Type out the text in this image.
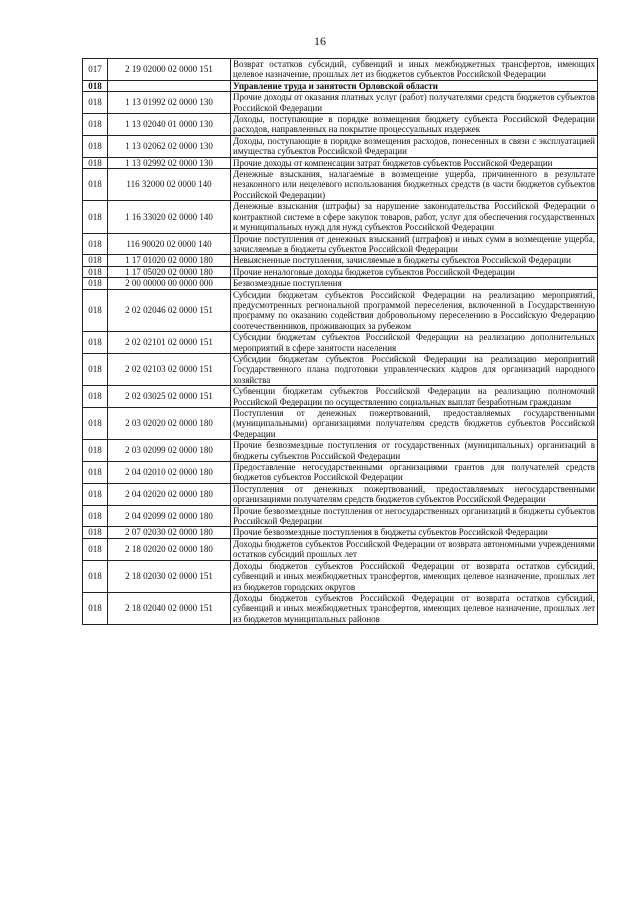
16
017	2 19 02000 02 0000 151	Возврат остатков субсидий, субвенций и иных межбюджетных трансфертов, имеющих целевое назначение, прошлых лет из бюджетов субъектов Российской Федерации
018		Управление труда и занятости Орловской области
018	1 13 01992 02 0000 130	Прочие доходы от оказания платных услуг (работ) получателями средств бюджетов субъектов Российской Федерации
018	1 13 02040 01 0000 130	Доходы, поступающие в порядке возмещения бюджету субъекта Российской Федерации расходов, направленных на покрытие процессуальных издержек
018	1 13 02062 02 0000 130	Доходы, поступающие в порядке возмещения расходов, понесенных в связи с эксплуатацией имущества субъектов Российской Федерации
018	1 13 02992 02 0000 130	Прочие доходы от компенсации затрат бюджетов субъектов Российской Федерации
018	116 32000 02 0000 140	Денежные взыскания, налагаемые в возмещение ущерба, причиненного в результате незаконного или нецелевого использования бюджетных средств (в части бюджетов субъектов Российской Федерации)
018	1 16 33020 02 0000 140	Денежные взыскания (штрафы) за нарушение законодательства Российской Федерации о контрактной системе в сфере закупок товаров, работ, услуг для обеспечения государственных и муниципальных нужд для нужд субъектов Российской Федерации
018	116 90020 02 0000 140	Прочие поступления от денежных взысканий (штрафов) и иных сумм в возмещение ущерба, зачисляемые в бюджеты субъектов Российской Федерации
018	1 17 01020 02 0000 180	Невыясненные поступления, зачисляемые в бюджеты субъектов Российской Федерации
018	1 17 05020 02 0000 180	Прочие неналоговые доходы бюджетов субъектов Российской Федерации
018	2 00 00000 00 0000 000	Безвозмездные поступления
018	2 02 02046 02 0000 151	Субсидии бюджетам субъектов Российской Федерации на реализацию мероприятий, предусмотренных региональной программой переселения, включенной в Государственную программу по оказанию содействия добровольному переселению в Российскую Федерацию соотечественников, проживающих за рубежом
018	2 02 02101 02 0000 151	Субсидии бюджетам субъектов Российской Федерации на реализацию дополнительных мероприятий в сфере занятости населения
018	2 02 02103 02 0000 151	Субсидии бюджетам субъектов Российской Федерации на реализацию мероприятий Государственного плана подготовки управленческих кадров для организаций народного хозяйства
018	2 02 03025 02 0000 151	Субвенции бюджетам субъектов Российской Федерации на реализацию полномочий Российской Федерации по осуществлению социальных выплат безработным гражданам
018	2 03 02020 02 0000 180	Поступления от денежных пожертвований, предоставляемых государственными (муниципальными) организациями получателям средств бюджетов субъектов Российской Федерации
018	2 03 02099 02 0000 180	Прочие безвозмездные поступления от государственных (муниципальных) организаций в бюджеты субъектов Российской Федерации
018	2 04 02010 02 0000 180	Предоставление негосударственными организациями грантов для получателей средств бюджетов субъектов Российской Федерации
018	2 04 02020 02 0000 180	Поступления от денежных пожертвований, предоставляемых негосударственными организациями получателям средств бюджетов субъектов Российской Федерации
018	2 04 02099 02 0000 180	Прочие безвозмездные поступления от негосударственных организаций в бюджеты субъектов Российской Федерации
018	2 07 02030 02 0000 180	Прочие безвозмездные поступления в бюджеты субъектов Российской Федерации
018	2 18 02020 02 0000 180	Доходы бюджетов субъектов Российской Федерации от возврата автономными учреждениями остатков субсидий прошлых лет
018	2 18 02030 02 0000 151	Доходы бюджетов субъектов Российской Федерации от возврата остатков субсидий, субвенций и иных межбюджетных трансфертов, имеющих целевое назначение, прошлых лет из бюджетов городских округов
018	2 18 02040 02 0000 151	Доходы бюджетов субъектов Российской Федерации от возврата остатков субсидий, субвенций и иных межбюджетных трансфертов, имеющих целевое назначение, прошлых лет из бюджетов муниципальных районов
